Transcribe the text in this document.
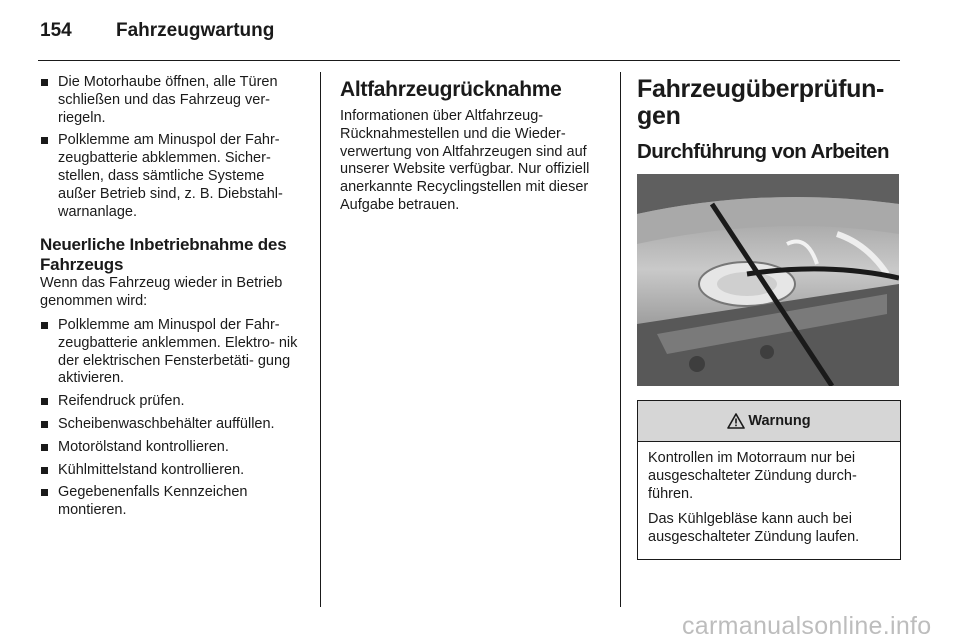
154 Fahrzeugwartung
Die Motorhaube öffnen, alle Türen schließen und das Fahrzeug ver- riegeln.
Polklemme am Minuspol der Fahr- zeugbatterie abklemmen. Sicher- stellen, dass sämtliche Systeme außer Betrieb sind, z. B. Diebstahl- warnanlage.
Neuerliche Inbetriebnahme des Fahrzeugs

Wenn das Fahrzeug wieder in Betrieb genommen wird:

Polklemme am Minuspol der Fahr- zeugbatterie anklemmen. Elektro- nik der elektrischen Fensterbetäti- gung aktivieren.
Reifendruck prüfen.
Scheibenwaschbehälter auffüllen.
Motorölstand kontrollieren.
Kühlmittelstand kontrollieren.
Gegebenenfalls Kennzeichen montieren.
Altfahrzeugrücknahme

Informationen über Altfahrzeug- Rücknahmestellen und die Wieder- verwertung von Altfahrzeugen sind auf unserer Website verfügbar. Nur offiziell anerkannte Recyclingstellen mit dieser Aufgabe betrauen.

Fahrzeugüberprüfun- gen
Durchführung von Arbeiten
Warnung

Kontrollen im Motorraum nur bei ausgeschalteter Zündung durch- führen.

Das Kühlgebläse kann auch bei ausgeschalteter Zündung laufen.

carmanualsonline.info
